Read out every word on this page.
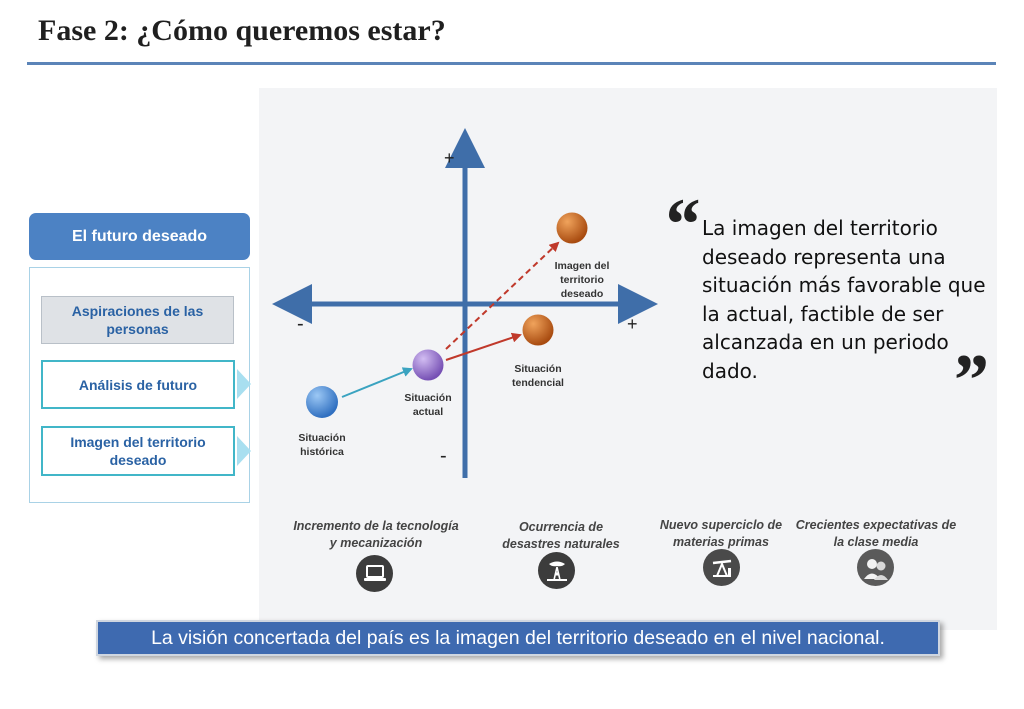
Fase 2: ¿Cómo queremos estar?
El futuro deseado
Aspiraciones de las personas
Análisis de futuro
Imagen del territorio deseado
+
-
-	+
Situación
histórica
Situación
actual
Situación
tendencial
Imagen del
territorio
deseado
“ La imagen del territorio deseado representa una situación más favorable que la actual, factible de ser alcanzada en un periodo dado.	”
Incremento de la tecnología y mecanización
Ocurrencia de desastres naturales
Nuevo superciclo de materias primas
Crecientes expectativas de la clase media
La visión concertada del país es la imagen del territorio deseado en el nivel nacional.
